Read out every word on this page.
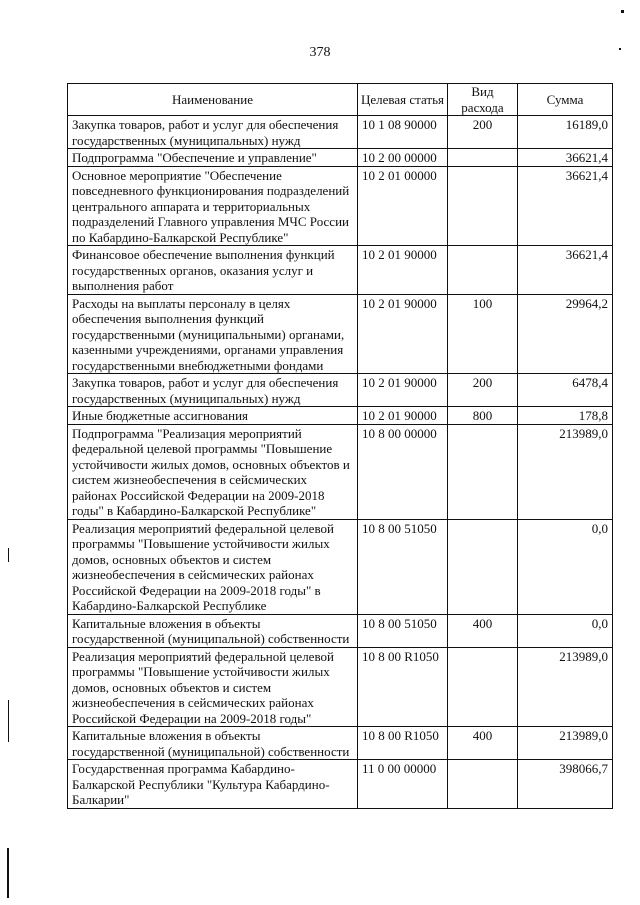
378
Наименование	Целевая статья	Вид расхода	Сумма
Закупка товаров, работ и услуг для обеспечения государственных (муниципальных) нужд	10 1 08 90000	200	16189,0
Подпрограмма "Обеспечение и управление"	10 2 00 00000		36621,4
Основное мероприятие "Обеспечение повседневного функционирования подразделений центрального аппарата и территориальных подразделений Главного управления МЧС России по Кабардино-Балкарской Республике"	10 2 01 00000		36621,4
Финансовое обеспечение выполнения функций государственных органов, оказания услуг и выполнения работ	10 2 01 90000		36621,4
Расходы на выплаты персоналу в целях обеспечения выполнения функций государственными (муниципальными) органами, казенными учреждениями, органами управления государственными внебюджетными фондами	10 2 01 90000	100	29964,2
Закупка товаров, работ и услуг для обеспечения государственных (муниципальных) нужд	10 2 01 90000	200	6478,4
Иные бюджетные ассигнования	10 2 01 90000	800	178,8
Подпрограмма "Реализация мероприятий федеральной целевой программы "Повышение устойчивости жилых домов, основных объектов и систем жизнеобеспечения в сейсмических районах Российской Федерации на 2009-2018 годы" в Кабардино-Балкарской Республике"	10 8 00 00000		213989,0
Реализация мероприятий федеральной целевой программы "Повышение устойчивости жилых домов, основных объектов и систем жизнеобеспечения в сейсмических районах Российской Федерации на 2009-2018 годы" в Кабардино-Балкарской Республике	10 8 00 51050		0,0
Капитальные вложения в объекты государственной (муниципальной) собственности	10 8 00 51050	400	0,0
Реализация мероприятий федеральной целевой программы "Повышение устойчивости жилых домов, основных объектов и систем жизнеобеспечения в сейсмических районах Российской Федерации на 2009-2018 годы"	10 8 00 R1050		213989,0
Капитальные вложения в объекты государственной (муниципальной) собственности	10 8 00 R1050	400	213989,0
Государственная программа Кабардино-Балкарской Республики "Культура Кабардино-Балкарии"	11 0 00 00000		398066,7
